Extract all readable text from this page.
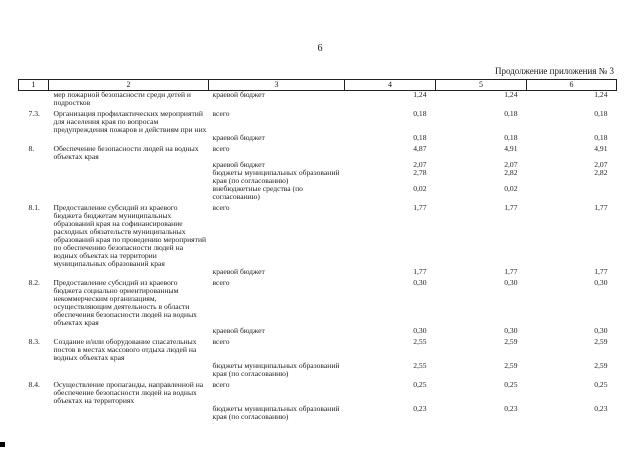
6
Продолжение приложения № 3
1	2	3	4	5	6
	мер пожарной безопасности среди детей и подростков	краевой бюджет	1,24	1,24	1,24

7.3.	Организация профилактических мероприятий для населения края по вопросам предупреждения пожаров и действиям при них	всего	0,18	0,18	0,18
		краевой бюджет	0,18	0,18	0,18

8.	Обеспечение безопасности людей на водных объектах края	всего	4,87	4,91	4,91
		краевой бюджет	2,07	2,07	2,07
		бюджеты муниципальных образований края (по согласованию)	2,78	2,82	2,82
		внебюджетные средства (по согласованию)	0,02	0,02	

8.1.	Предоставление субсидий из краевого бюджета бюджетам муниципальных образований края на софинансирование расходных обязательств муниципальных образований края по проведению мероприятий по обеспечению безопасности людей на водных объектах на территории муниципальных образований края	всего	1,77	1,77	1,77
		краевой бюджет	1,77	1,77	1,77

8.2.	Предоставление субсидий из краевого бюджета социально ориентированным некоммерческим организациям, осуществляющим деятельность в области обеспечения безопасности людей на водных объектах края	всего	0,30	0,30	0,30
		краевой бюджет	0,30	0,30	0,30

8.3.	Создание и/или оборудование спасательных постов в местах массового отдыха людей на водных объектах края	всего	2,55	2,59	2,59
		бюджеты муниципальных образований края (по согласованию)	2,55	2,59	2,59

8.4.	Осуществление пропаганды, направленной на обеспечение безопасности людей на водных объектах на территориях	всего	0,25	0,25	0,25
		бюджеты муниципальных образований края (по согласованию)	0,23	0,23	0,23
